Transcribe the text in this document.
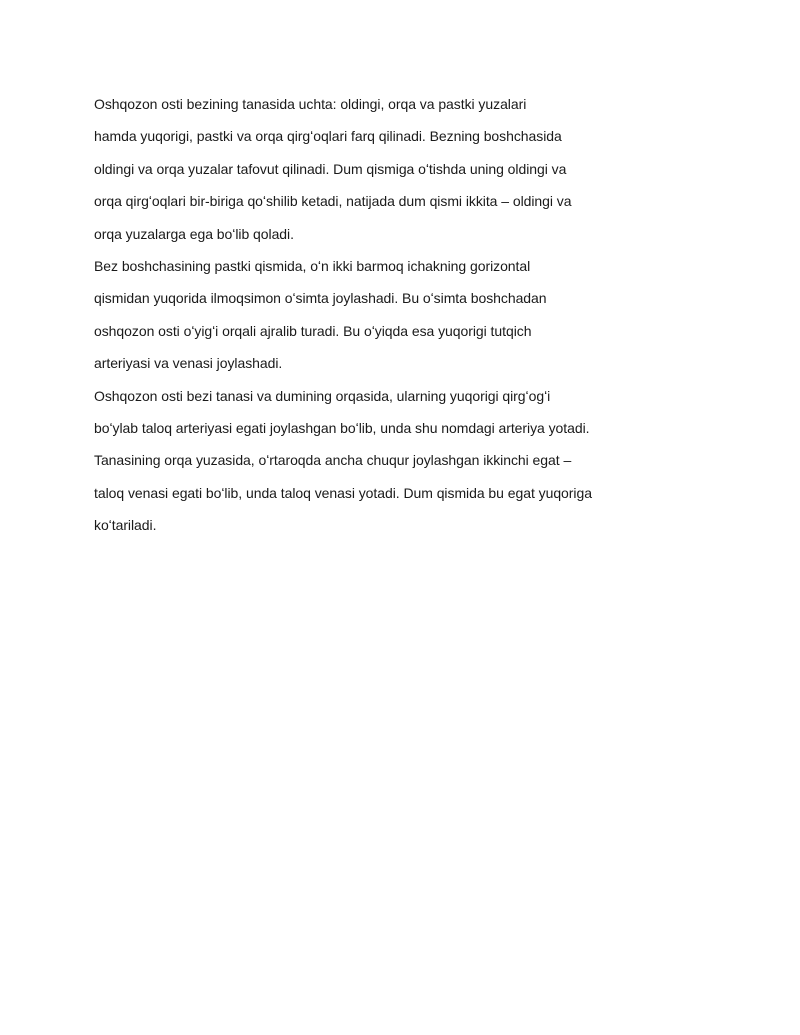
Oshqozon osti bezining tanasida uchta: oldingi, orqa va pastki yuzalari
hamda yuqorigi, pastki va orqa qirgʻoqlari farq qilinadi. Bezning boshchasida
oldingi va orqa yuzalar tafovut qilinadi. Dum qismiga oʻtishda uning oldingi va
orqa qirgʻoqlari bir-biriga qoʻshilib ketadi, natijada dum qismi ikkita – oldingi va
orqa yuzalarga ega boʻlib qoladi.
Bez boshchasining pastki qismida, oʻn ikki barmoq ichakning gorizontal
qismidan yuqorida ilmoqsimon oʻsimta joylashadi. Bu oʻsimta boshchadan
oshqozon osti oʻyigʻi orqali ajralib turadi. Bu oʻyiqda esa yuqorigi tutqich
arteriyasi va venasi joylashadi.
Oshqozon osti bezi tanasi va dumining orqasida, ularning yuqorigi qirgʻogʻi
boʻylab taloq arteriyasi egati joylashgan boʻlib, unda shu nomdagi arteriya yotadi.
Tanasining orqa yuzasida, oʻrtaroqda ancha chuqur joylashgan ikkinchi egat –
taloq venasi egati boʻlib, unda taloq venasi yotadi. Dum qismida bu egat yuqoriga
koʻtariladi.
